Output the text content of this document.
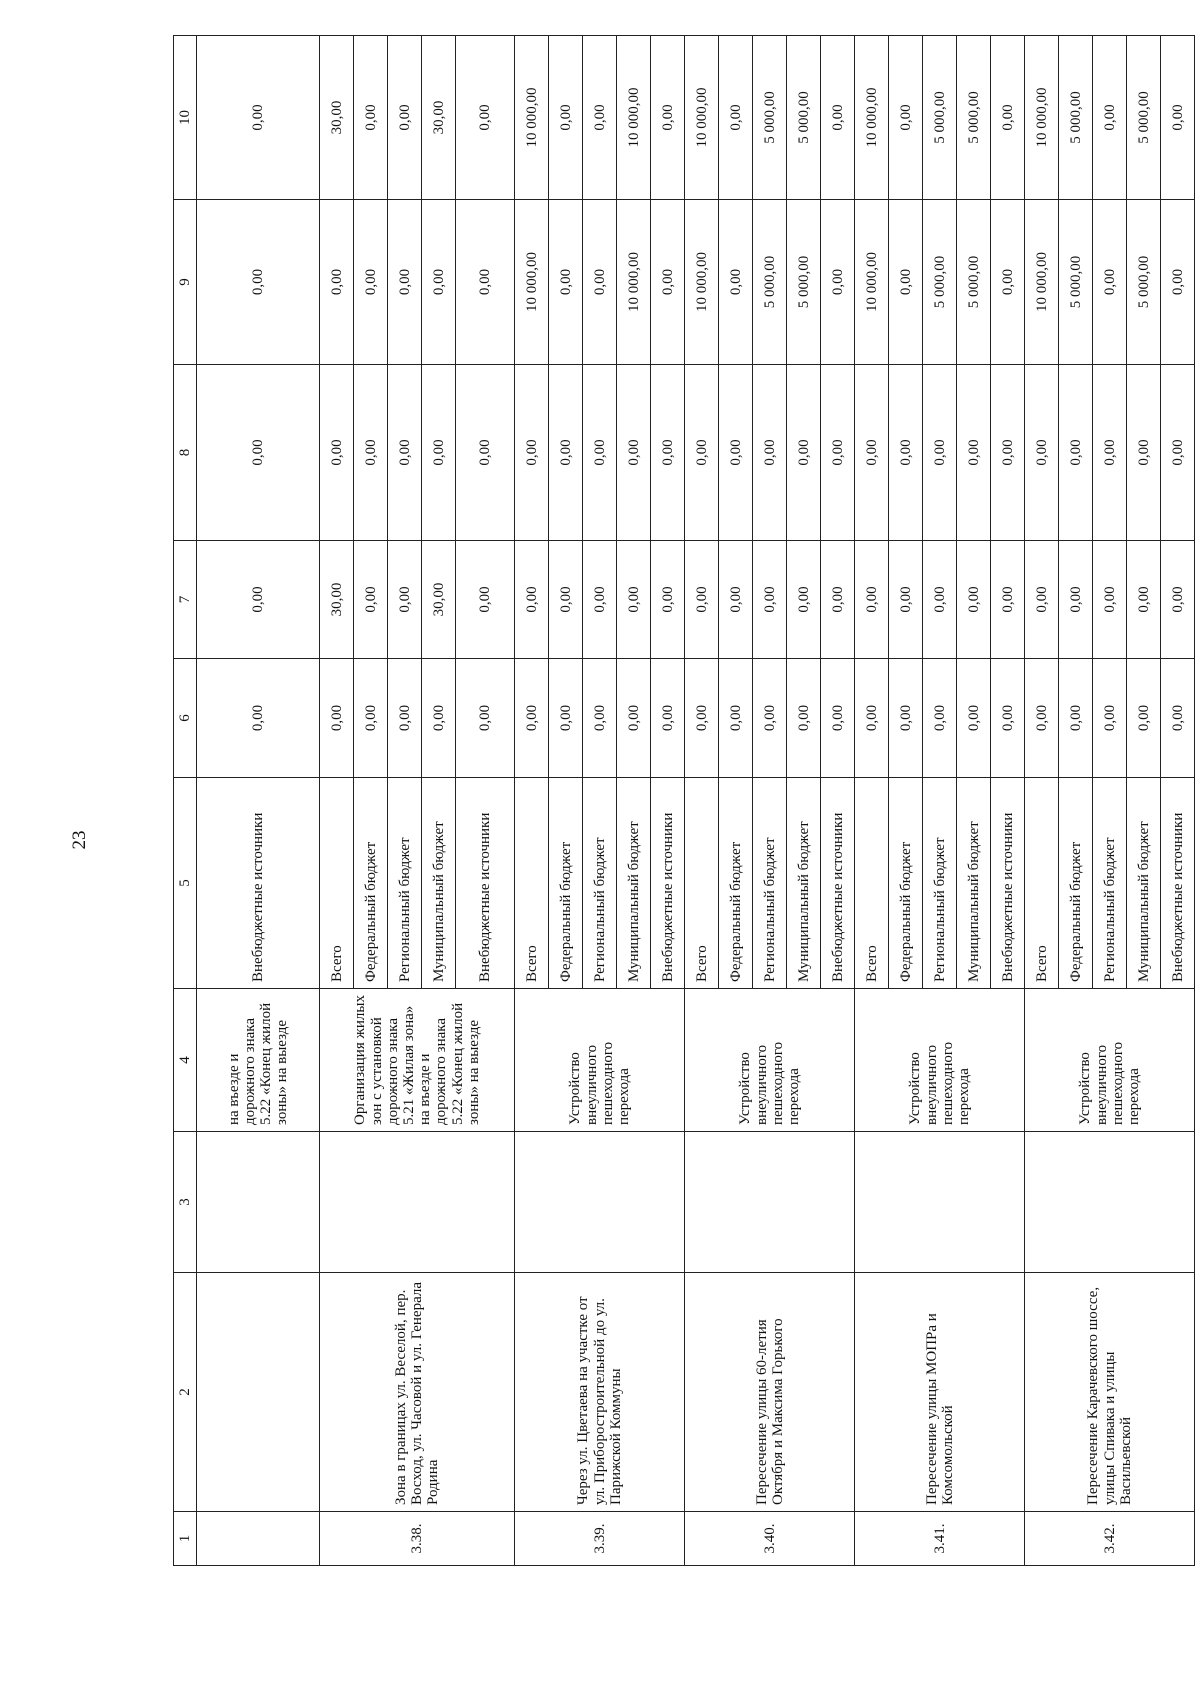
23
1	2	3	4	5	6	7	8	9	10
			на въезде и дорожного знака 5.22 «Конец жилой зоны» на выезде	Внебюджетные источники	0,00	0,00	0,00	0,00	0,00
3.38.	Зона в границах ул. Веселой, пер. Восход, ул. Часовой и ул. Генерала Родина		Организация жилых зон с установкой дорожного знака 5.21 «Жилая зона» на въезде и дорожного знака 5.22 «Конец жилой зоны» на выезде	Всего	0,00	30,00	0,00	0,00	30,00
				Федеральный бюджет	0,00	0,00	0,00	0,00	0,00
				Региональный бюджет	0,00	0,00	0,00	0,00	0,00
				Муниципальный бюджет	0,00	30,00	0,00	0,00	30,00
				Внебюджетные источники	0,00	0,00	0,00	0,00	0,00
3.39.	Через ул. Цветаева на участке от ул. Приборостроительной до ул. Парижской Коммуны		Устройство внеуличного пешеходного перехода	Всего	0,00	0,00	0,00	10 000,00	10 000,00
				Федеральный бюджет	0,00	0,00	0,00	0,00	0,00
				Региональный бюджет	0,00	0,00	0,00	0,00	0,00
				Муниципальный бюджет	0,00	0,00	0,00	10 000,00	10 000,00
				Внебюджетные источники	0,00	0,00	0,00	0,00	0,00
3.40.	Пересечение улицы 60-летия Октября и Максима Горького		Устройство внеуличного пешеходного перехода	Всего	0,00	0,00	0,00	10 000,00	10 000,00
				Федеральный бюджет	0,00	0,00	0,00	0,00	0,00
				Региональный бюджет	0,00	0,00	0,00	5 000,00	5 000,00
				Муниципальный бюджет	0,00	0,00	0,00	5 000,00	5 000,00
				Внебюджетные источники	0,00	0,00	0,00	0,00	0,00
3.41.	Пересечение улицы МОПРа и Комсомольской		Устройство внеуличного пешеходного перехода	Всего	0,00	0,00	0,00	10 000,00	10 000,00
				Федеральный бюджет	0,00	0,00	0,00	0,00	0,00
				Региональный бюджет	0,00	0,00	0,00	5 000,00	5 000,00
				Муниципальный бюджет	0,00	0,00	0,00	5 000,00	5 000,00
				Внебюджетные источники	0,00	0,00	0,00	0,00	0,00
3.42.	Пересечение Карачевского шоссе, улицы Спивака и улицы Васильевской		Устройство внеуличного пешеходного перехода	Всего	0,00	0,00	0,00	10 000,00	10 000,00
				Федеральный бюджет	0,00	0,00	0,00	5 000,00	5 000,00
				Региональный бюджет	0,00	0,00	0,00	0,00	0,00
				Муниципальный бюджет	0,00	0,00	0,00	5 000,00	5 000,00
				Внебюджетные источники	0,00	0,00	0,00	0,00	0,00
